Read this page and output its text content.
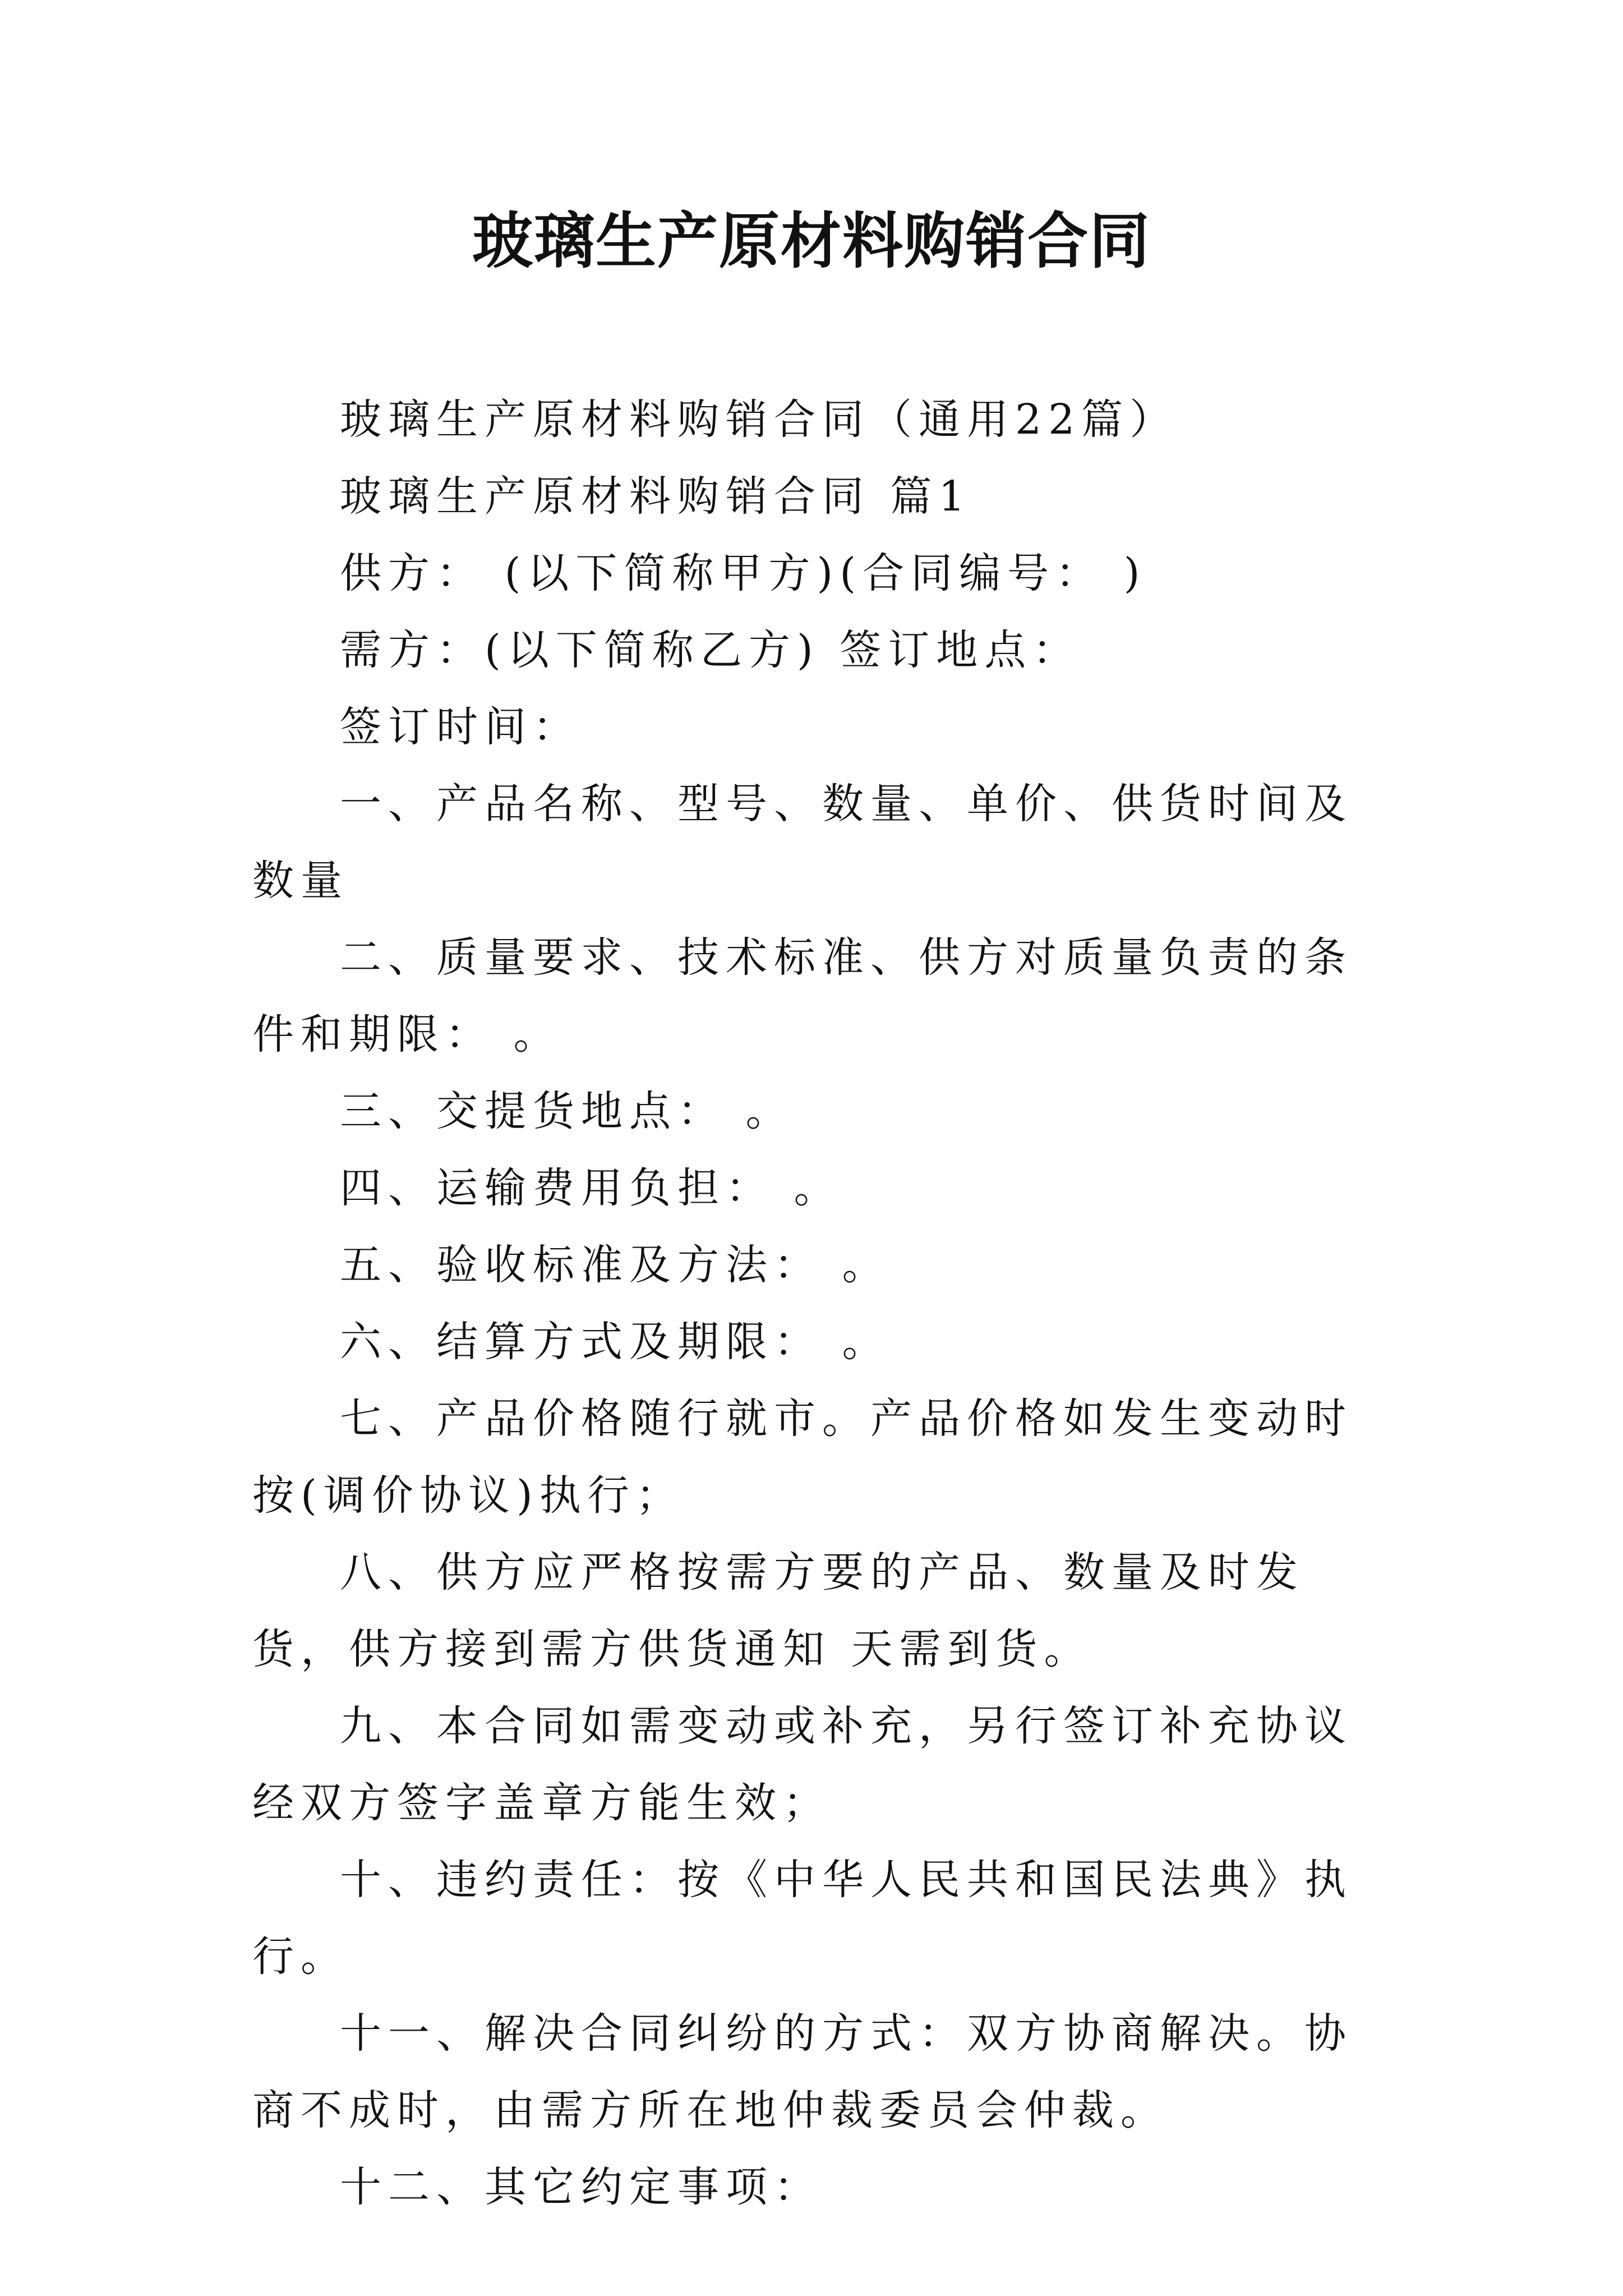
玻璃生产原材料购销合同

玻璃生产原材料购销合同（通用22篇）

玻璃生产原材料购销合同 篇1

供方： (以下简称甲方)(合同编号： )

需方：(以下简称乙方) 签订地点：

签订时间：

一、产品名称、型号、数量、单价、供货时间及数量

二、质量要求、技术标准、供方对质量负责的条件和期限： 。

三、交提货地点： 。

四、运输费用负担： 。

五、验收标准及方法： 。

六、结算方式及期限： 。

七、产品价格随行就市。产品价格如发生变动时按(调价协议)执行；

八、供方应严格按需方要的产品、数量及时发货，供方接到需方供货通知 天需到货。

九、本合同如需变动或补充，另行签订补充协议经双方签字盖章方能生效；

十、违约责任：按《中华人民共和国民法典》执行。

十一、解决合同纠纷的方式：双方协商解决。协商不成时，由需方所在地仲裁委员会仲裁。

十二、其它约定事项：
